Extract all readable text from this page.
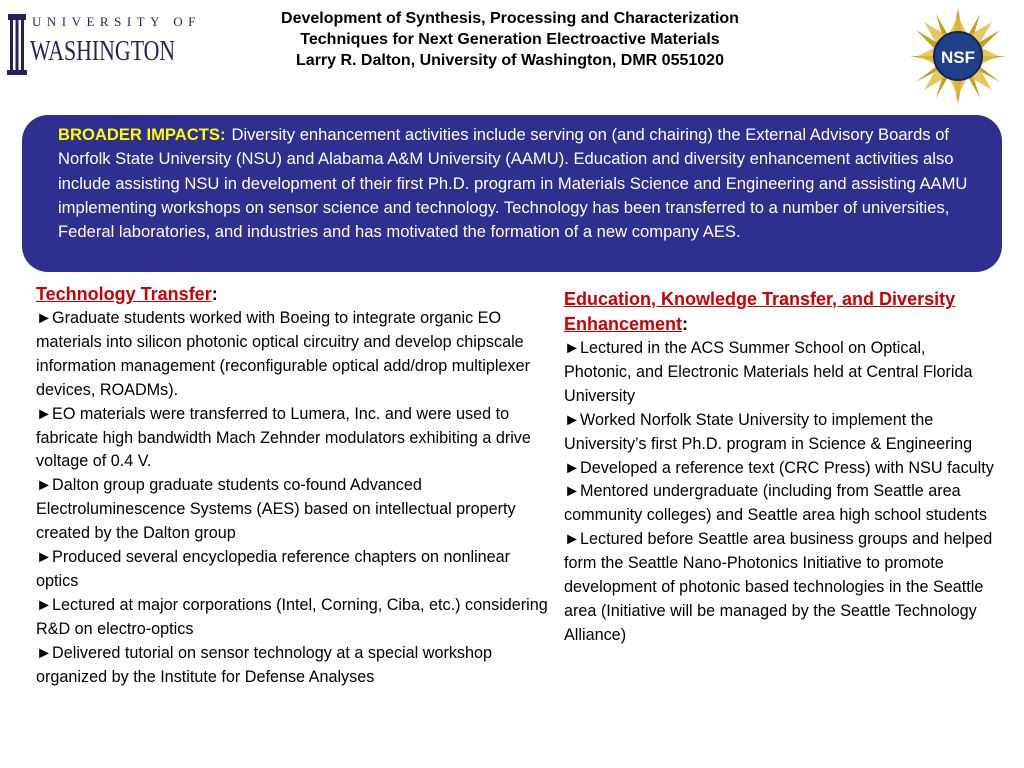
UNIVERSITY OF
WASHINGTON
Development of Synthesis, Processing and Characterization
Techniques for Next Generation Electroactive Materials
Larry R. Dalton, University of Washington, DMR 0551020	NSF
BROADER IMPACTS: Diversity enhancement activities include serving on (and chairing) the External Advisory Boards of Norfolk State University (NSU) and Alabama A&M University (AAMU). Education and diversity enhancement activities also include assisting NSU in development of their first Ph.D. program in Materials Science and Engineering and assisting AAMU implementing workshops on sensor science and technology. Technology has been transferred to a number of universities, Federal laboratories, and industries and has motivated the formation of a new company AES.
Technology Transfer:
► Graduate students worked with Boeing to integrate organic EO materials into silicon photonic optical circuitry and develop chipscale information management (reconfigurable optical add/drop multiplexer devices, ROADMs).
► EO materials were transferred to Lumera, Inc. and were used to fabricate high bandwidth Mach Zehnder modulators exhibiting a drive voltage of 0.4 V.
► Dalton group graduate students co-found Advanced Electroluminescence Systems (AES) based on intellectual property created by the Dalton group
► Produced several encyclopedia reference chapters on nonlinear optics
► Lectured at major corporations (Intel, Corning, Ciba, etc.) considering R&D on electro-optics
► Delivered tutorial on sensor technology at a special workshop organized by the Institute for Defense Analyses
Education, Knowledge Transfer, and Diversity Enhancement:
► Lectured in the ACS Summer School on Optical, Photonic, and Electronic Materials held at Central Florida University
► Worked Norfolk State University to implement the University’s first Ph.D. program in Science & Engineering
► Developed a reference text (CRC Press) with NSU faculty
► Mentored undergraduate (including from Seattle area community colleges) and Seattle area high school students
► Lectured before Seattle area business groups and helped form the Seattle Nano-Photonics Initiative to promote development of photonic based technologies in the Seattle area (Initiative will be managed by the Seattle Technology Alliance)
